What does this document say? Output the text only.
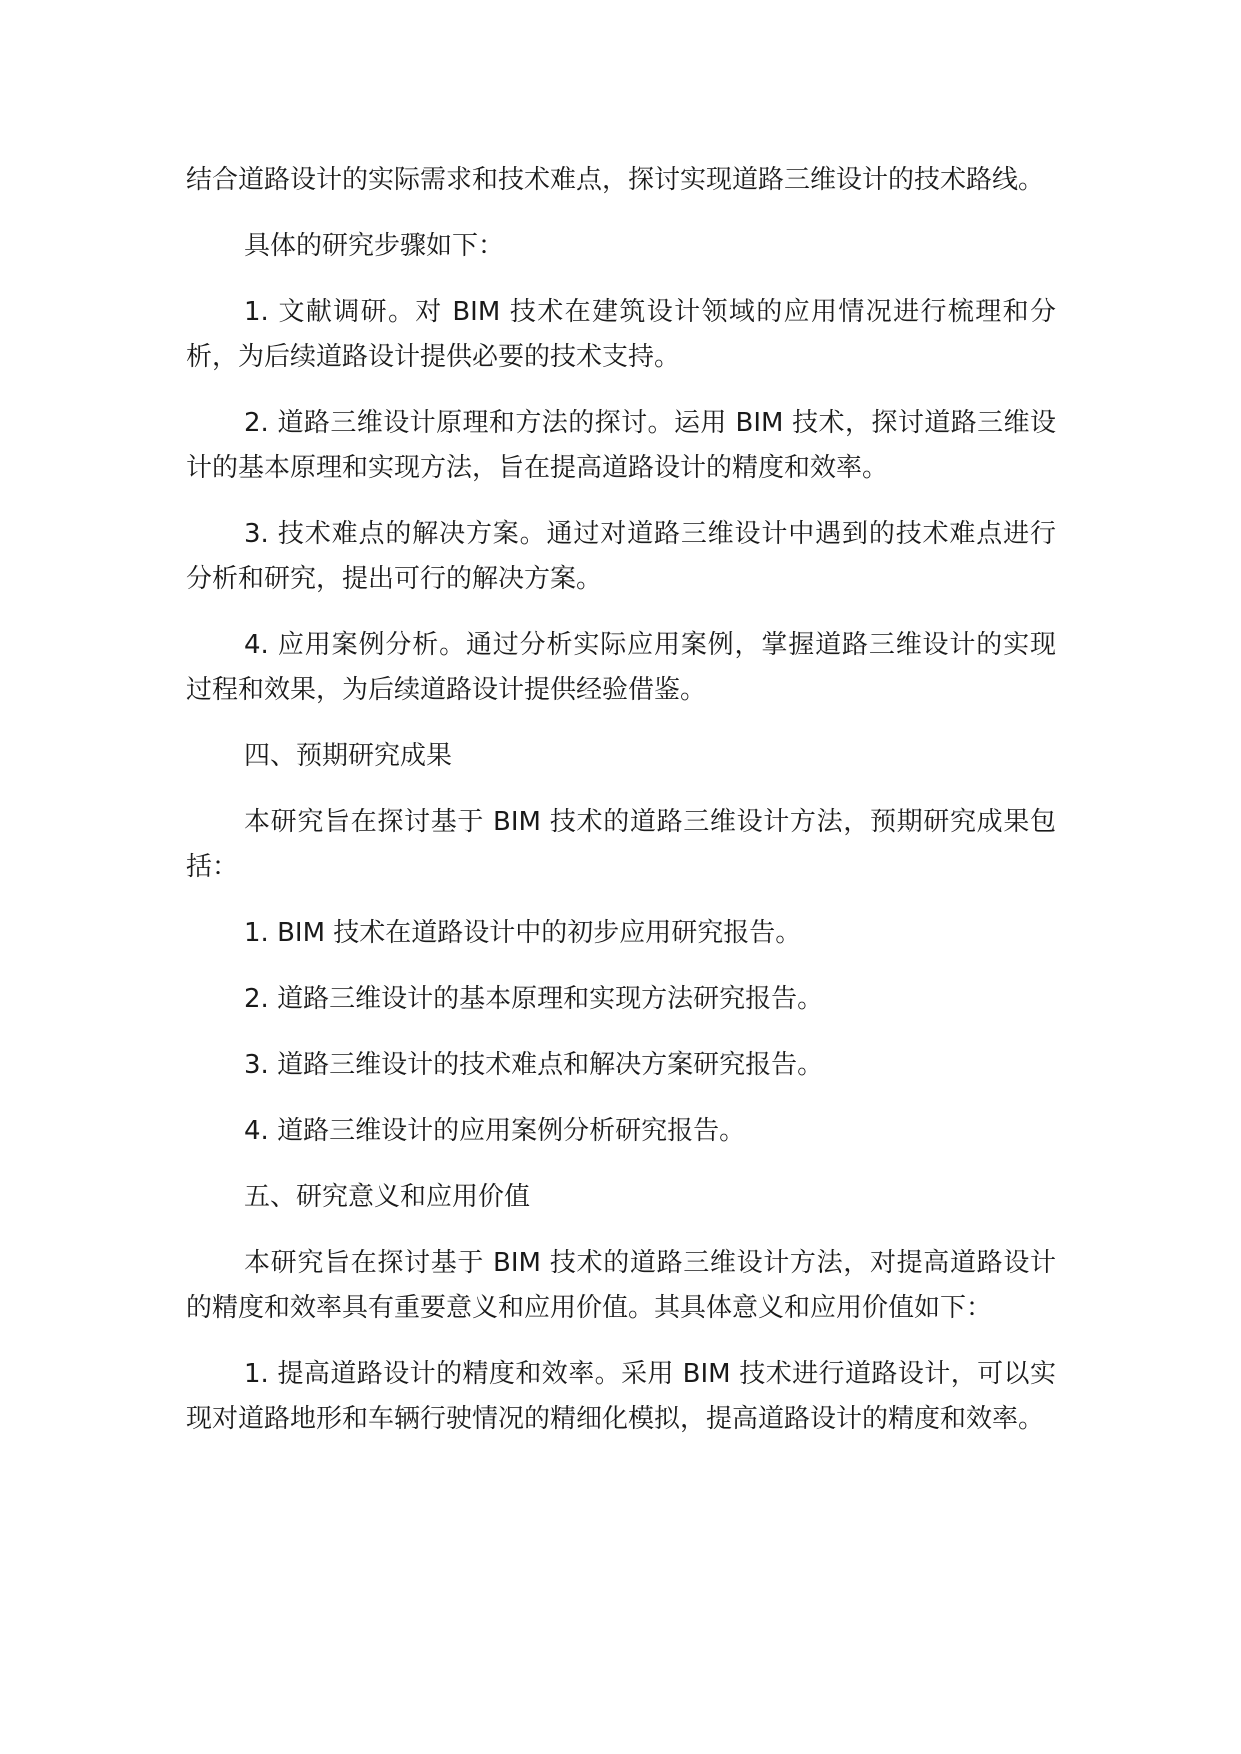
结合道路设计的实际需求和技术难点，探讨实现道路三维设计的技术路线。

具体的研究步骤如下：

1. 文献调研。对 BIM 技术在建筑设计领域的应用情况进行梳理和分析，为后续道路设计提供必要的技术支持。

2. 道路三维设计原理和方法的探讨。运用 BIM 技术，探讨道路三维设计的基本原理和实现方法，旨在提高道路设计的精度和效率。

3. 技术难点的解决方案。通过对道路三维设计中遇到的技术难点进行分析和研究，提出可行的解决方案。

4. 应用案例分析。通过分析实际应用案例，掌握道路三维设计的实现过程和效果，为后续道路设计提供经验借鉴。

四、预期研究成果

本研究旨在探讨基于 BIM 技术的道路三维设计方法，预期研究成果包括：

1. BIM 技术在道路设计中的初步应用研究报告。

2. 道路三维设计的基本原理和实现方法研究报告。

3. 道路三维设计的技术难点和解决方案研究报告。

4. 道路三维设计的应用案例分析研究报告。

五、研究意义和应用价值

本研究旨在探讨基于 BIM 技术的道路三维设计方法，对提高道路设计的精度和效率具有重要意义和应用价值。其具体意义和应用价值如下：

1. 提高道路设计的精度和效率。采用 BIM 技术进行道路设计，可以实现对道路地形和车辆行驶情况的精细化模拟，提高道路设计的精度和效率。
